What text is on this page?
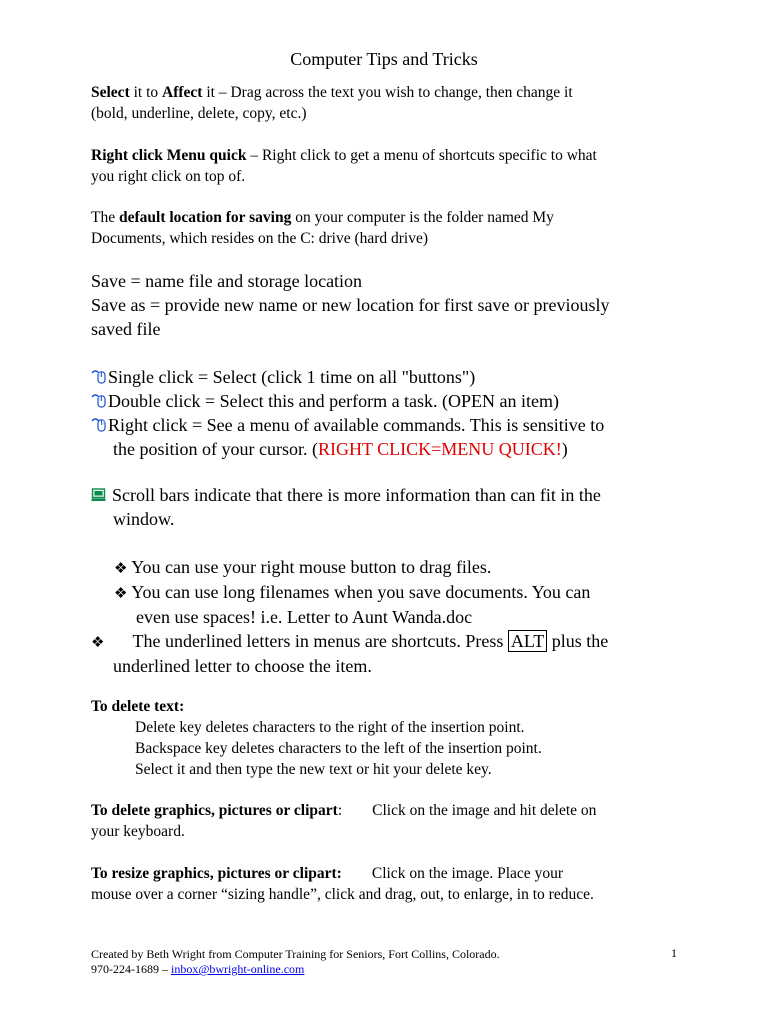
Computer Tips and Tricks
Select it to Affect it – Drag across the text you wish to change, then change it
(bold, underline, delete, copy, etc.)
Right click Menu quick – Right click to get a menu of shortcuts specific to what
you right click on top of.
The default location for saving on your computer is the folder named My
Documents, which resides on the C: drive (hard drive)
Save = name file and storage location
Save as = provide new name or new location for first save or previously
saved file
Single click = Select (click 1 time on all "buttons")
Double click = Select this and perform a task. (OPEN an item)
Right click = See a menu of available commands. This is sensitive to
the position of your cursor. (RIGHT CLICK=MENU QUICK!)
Scroll bars indicate that there is more information than can fit in the
window.
❖ You can use your right mouse button to drag files.
❖ You can use long filenames when you save documents. You can
even use spaces! i.e. Letter to Aunt Wanda.doc
❖ The underlined letters in menus are shortcuts. Press ALT plus the
underlined letter to choose the item.
To delete text:
Delete key deletes characters to the right of the insertion point.
Backspace key deletes characters to the left of the insertion point.
Select it and then type the new text or hit your delete key.
To delete graphics, pictures or clipart: Click on the image and hit delete on
your keyboard.
To resize graphics, pictures or clipart: Click on the image. Place your
mouse over a corner “sizing handle”, click and drag, out, to enlarge, in to reduce.
Created by Beth Wright from Computer Training for Seniors, Fort Collins, Colorado.
970-224-1689 – inbox@bwright-online.com
1
